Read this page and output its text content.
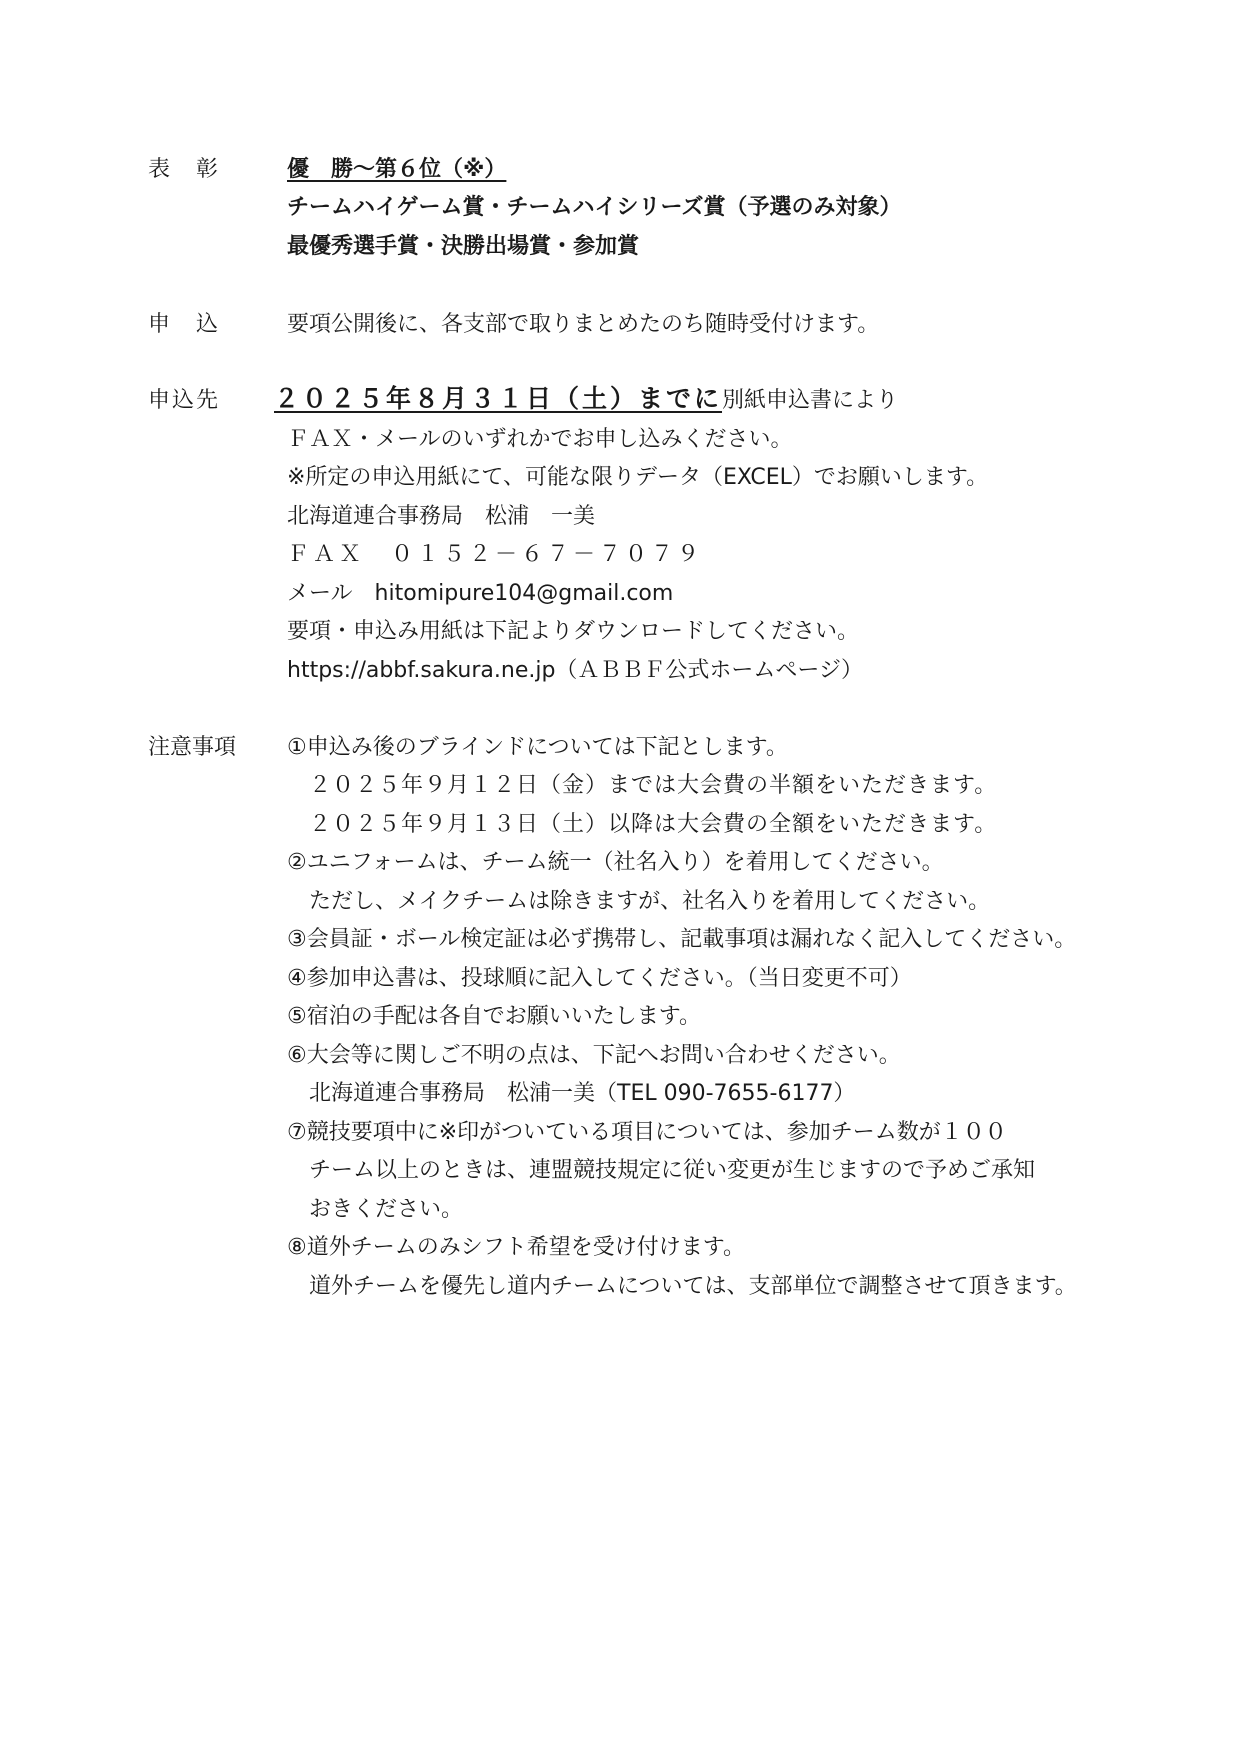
表　彰	優　勝～第６位（※）
チームハイゲーム賞・チームハイシリーズ賞（予選のみ対象）
最優秀選手賞・決勝出場賞・参加賞
申　込	要項公開後に、各支部で取りまとめたのち随時受付けます。
申込先 ２０２５年８月３１日（土）までに別紙申込書により
ＦＡＸ・メールのいずれかでお申し込みください。
※所定の申込用紙にて、可能な限りデータ（EXCEL）でお願いします。
北海道連合事務局　松浦　一美
ＦＡＸ　０１５２－６７－７０７９
メール　hitomipure104@gmail.com
要項・申込み用紙は下記よりダウンロードしてください。
https://abbf.sakura.ne.jp（ＡＢＢＦ公式ホームページ）
注意事項 ①申込み後のブラインドについては下記とします。
２０２５年９月１２日（金）までは大会費の半額をいただきます。
２０２５年９月１３日（土）以降は大会費の全額をいただきます。
②ユニフォームは、チーム統一（社名入り）を着用してください。
ただし、メイクチームは除きますが、社名入りを着用してください。
③会員証・ボール検定証は必ず携帯し、記載事項は漏れなく記入してください。
④参加申込書は、投球順に記入してください。（当日変更不可）
⑤宿泊の手配は各自でお願いいたします。
⑥大会等に関しご不明の点は、下記へお問い合わせください。
北海道連合事務局　松浦一美（TEL 090-7655-6177）
⑦競技要項中に※印がついている項目については、参加チーム数が１００
チーム以上のときは、連盟競技規定に従い変更が生じますので予めご承知
おきください。
⑧道外チームのみシフト希望を受け付けます。
道外チームを優先し道内チームについては、支部単位で調整させて頂きます。
